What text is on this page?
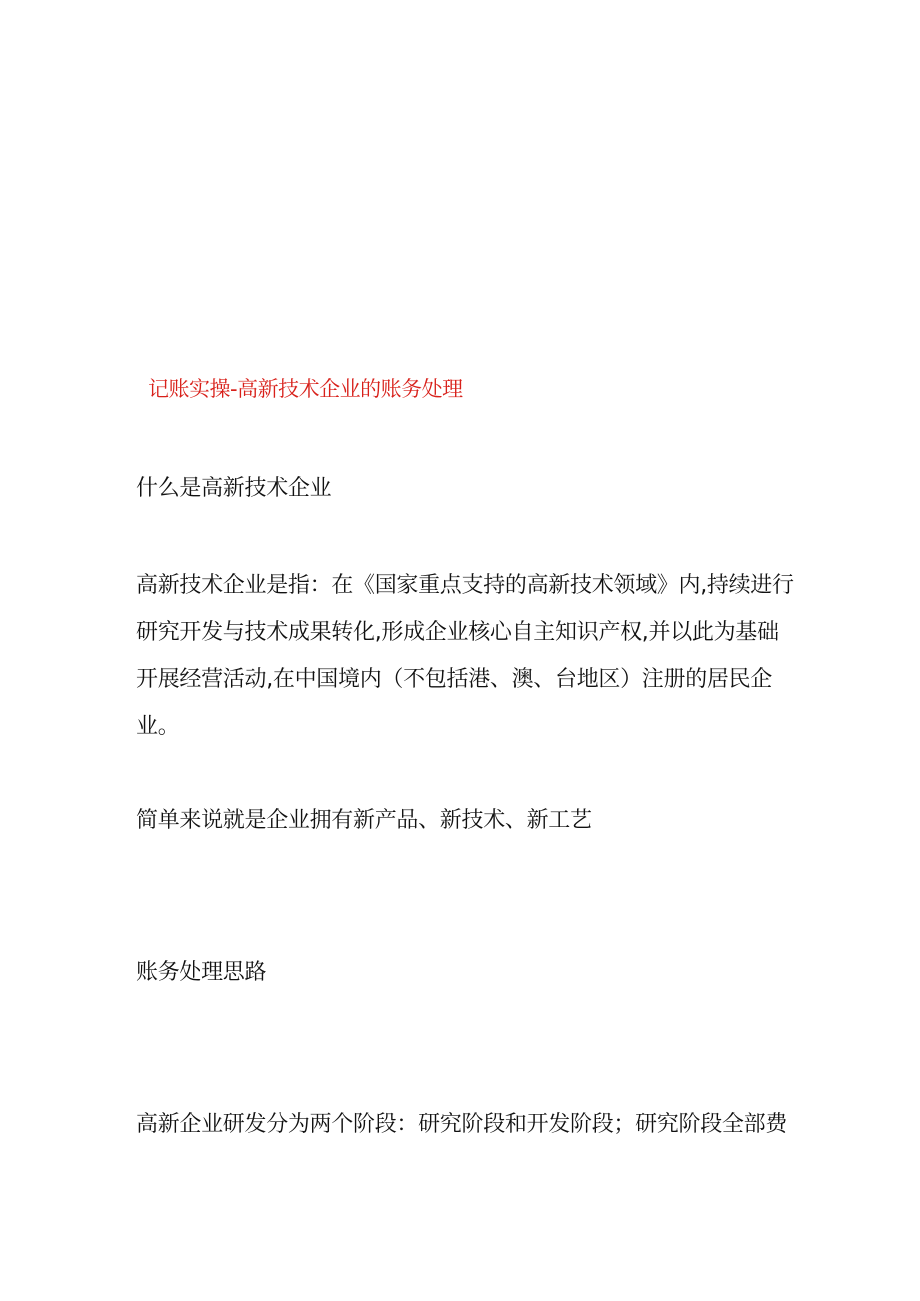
记账实操-高新技术企业的账务处理
什么是高新技术企业
高新技术企业是指：在《国家重点支持的高新技术领域》内,持续进行
研究开发与技术成果转化,形成企业核心自主知识产权,并以此为基础
开展经营活动,在中国境内（不包括港、澳、台地区）注册的居民企
业。
简单来说就是企业拥有新产品、新技术、新工艺
账务处理思路
高新企业研发分为两个阶段：研究阶段和开发阶段；研究阶段全部费
